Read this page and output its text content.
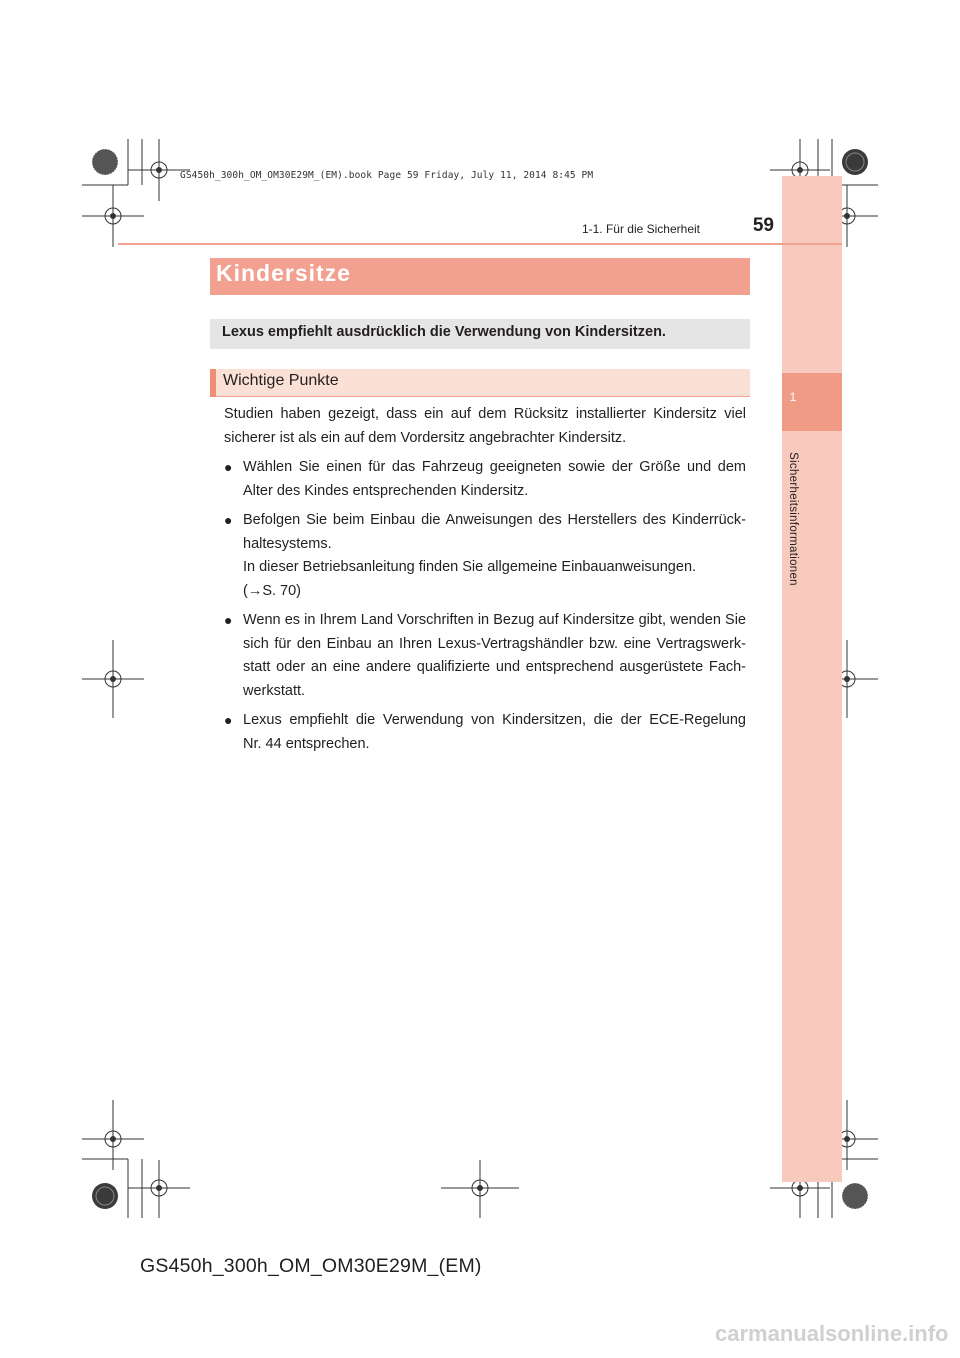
GS450h_300h_OM_OM30E29M_(EM).book Page 59 Friday, July 11, 2014 8:45 PM
1
Sicherheitsinformationen
1-1. Für die Sicherheit	59
Kindersitze
Lexus empfiehlt ausdrücklich die Verwendung von Kindersitzen.
Wichtige Punkte
Studien haben gezeigt, dass ein auf dem Rücksitz installierter Kindersitz viel
sicherer ist als ein auf dem Vordersitz angebrachter Kindersitz.
● Wählen Sie einen für das Fahrzeug geeigneten sowie der Größe und dem
Alter des Kindes entsprechenden Kindersitz.
● Befolgen Sie beim Einbau die Anweisungen des Herstellers des Kinderrück-
haltesystems.
In dieser Betriebsanleitung finden Sie allgemeine Einbauanweisungen.
(→S. 70)
● Wenn es in Ihrem Land Vorschriften in Bezug auf Kindersitze gibt, wenden Sie
sich für den Einbau an Ihren Lexus-Vertragshändler bzw. eine Vertragswerk-
statt oder an eine andere qualifizierte und entsprechend ausgerüstete Fach-
werkstatt.
● Lexus empfiehlt die Verwendung von Kindersitzen, die der ECE-Regelung
Nr. 44 entsprechen.
GS450h_300h_OM_OM30E29M_(EM)
carmanualsonline.info
